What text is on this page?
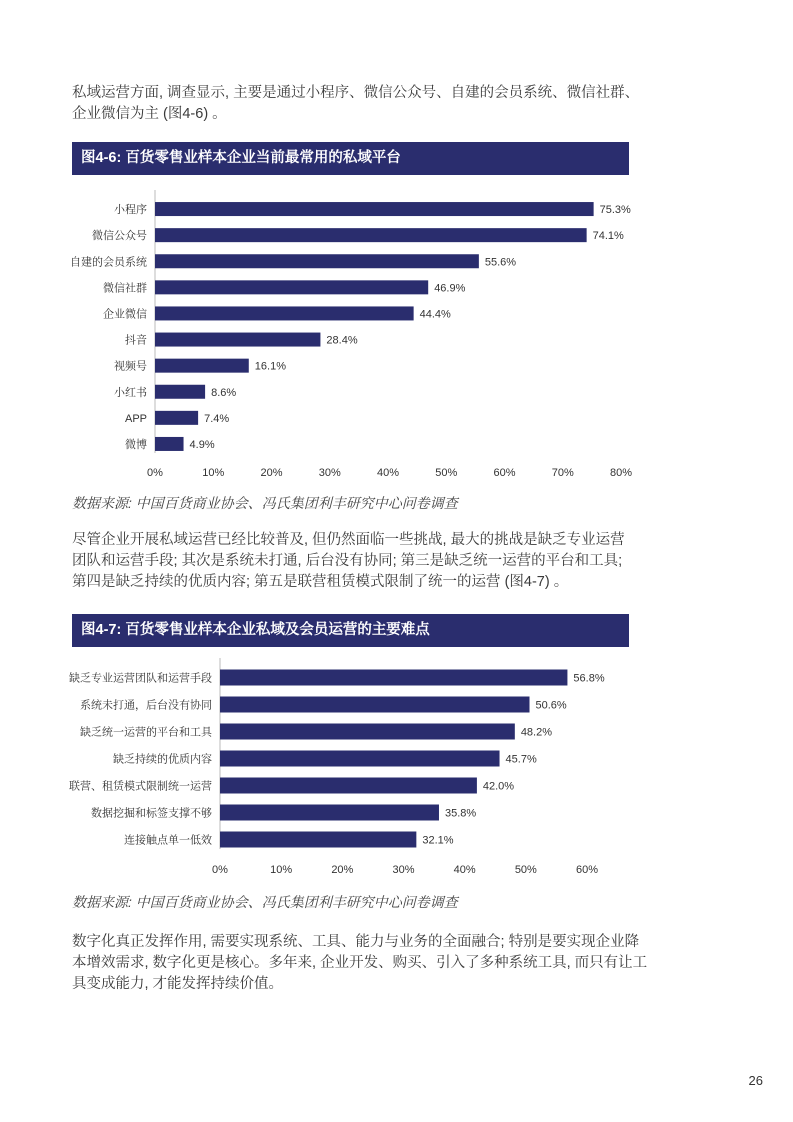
私域运营方面, 调查显示, 主要是通过小程序、微信公众号、自建的会员系统、微信社群、
企业微信为主 (图4-6) 。
图4-6: 百货零售业样本企业当前最常用的私域平台
小程序	75.3%
微信公众号	74.1%
自建的会员系统	55.6%
微信社群	46.9%
企业微信	44.4%
抖音	28.4%
视频号	16.1%
小红书	8.6%
APP	7.4%
微博	4.9%
0%	10%	20%	30%	40%	50%	60%	70%	80%
数据来源: 中国百货商业协会、冯氏集团利丰研究中心问卷调查
尽管企业开展私域运营已经比较普及, 但仍然面临一些挑战, 最大的挑战是缺乏专业运营
团队和运营手段; 其次是系统未打通, 后台没有协同; 第三是缺乏统一运营的平台和工具;
第四是缺乏持续的优质内容; 第五是联营租赁模式限制了统一的运营 (图4-7) 。
图4-7: 百货零售业样本企业私域及会员运营的主要难点
缺乏专业运营团队和运营手段	56.8%
系统未打通，后台没有协同	50.6%
缺乏统一运营的平台和工具	48.2%
缺乏持续的优质内容	45.7%
联营、租赁模式限制统一运营	42.0%
数据挖掘和标签支撑不够	35.8%
连接触点单一低效	32.1%
0%	10%	20%	30%	40%	50%	60%
数据来源: 中国百货商业协会、冯氏集团利丰研究中心问卷调查
数字化真正发挥作用, 需要实现系统、工具、能力与业务的全面融合; 特别是要实现企业降
本增效需求, 数字化更是核心。多年来, 企业开发、购买、引入了多种系统工具, 而只有让工
具变成能力, 才能发挥持续价值。
26
